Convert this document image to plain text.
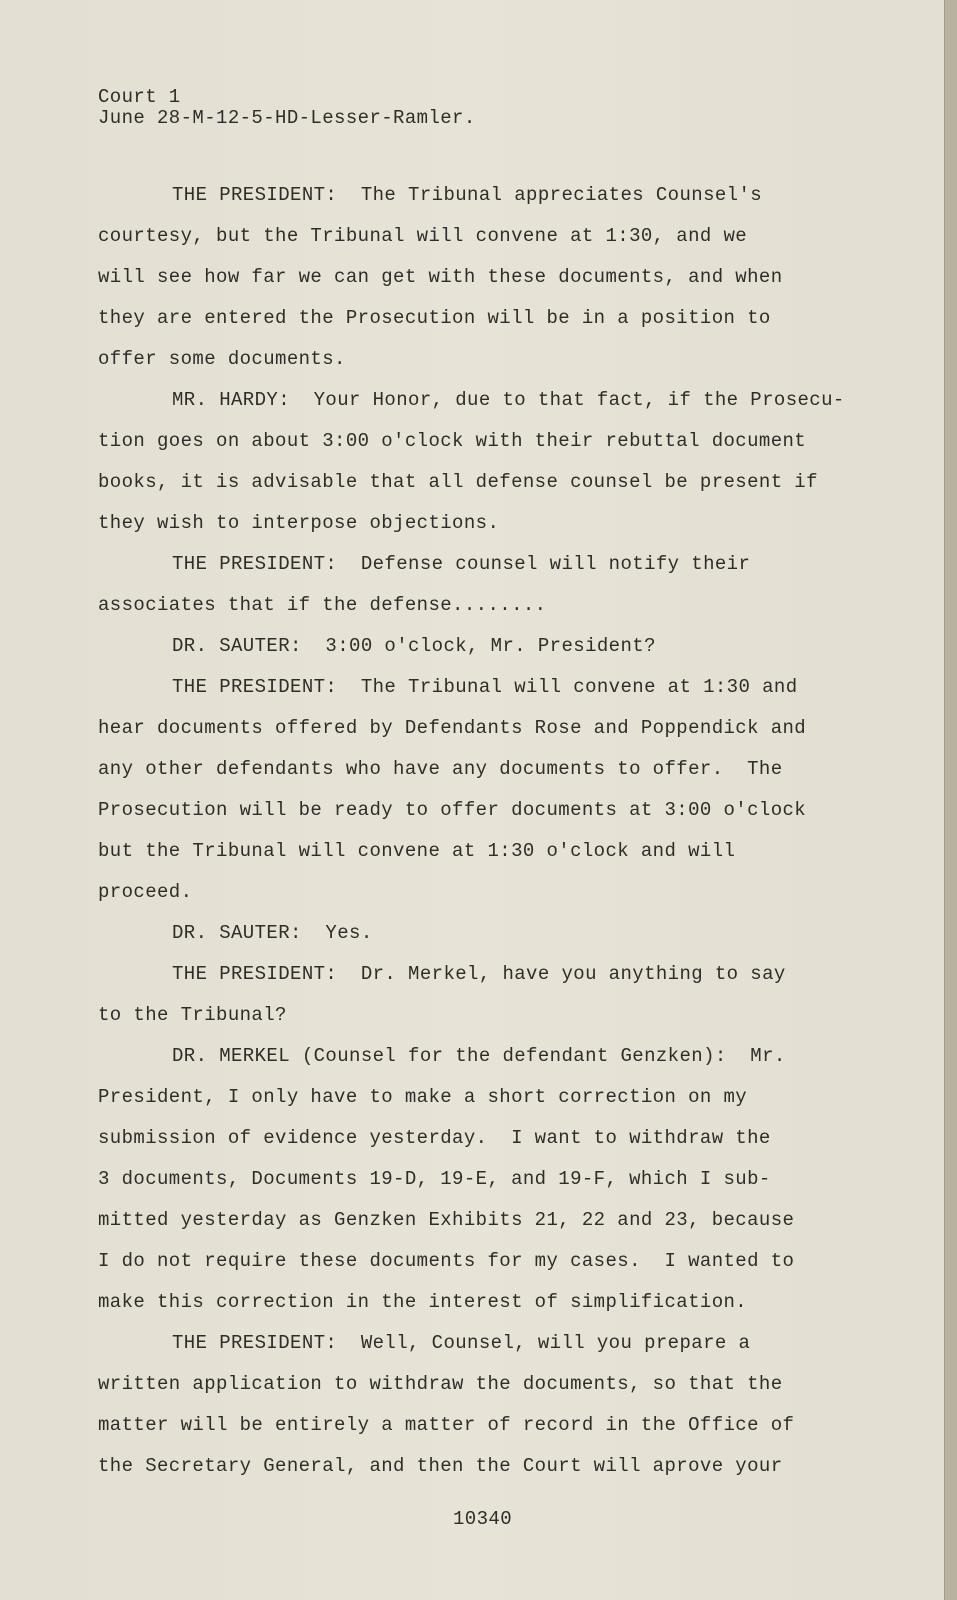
Court 1
June 28-M-12-5-HD-Lesser-Ramler.
THE PRESIDENT:  The Tribunal appreciates Counsel's
courtesy, but the Tribunal will convene at 1:30, and we
will see how far we can get with these documents, and when
they are entered the Prosecution will be in a position to
offer some documents.
MR. HARDY:  Your Honor, due to that fact, if the Prosecu-
tion goes on about 3:00 o'clock with their rebuttal document
books, it is advisable that all defense counsel be present if
they wish to interpose objections.
THE PRESIDENT:  Defense counsel will notify their
associates that if the defense........
DR. SAUTER:  3:00 o'clock, Mr. President?
THE PRESIDENT:  The Tribunal will convene at 1:30 and
hear documents offered by Defendants Rose and Poppendick and
any other defendants who have any documents to offer.  The
Prosecution will be ready to offer documents at 3:00 o'clock
but the Tribunal will convene at 1:30 o'clock and will
proceed.
DR. SAUTER:  Yes.
THE PRESIDENT:  Dr. Merkel, have you anything to say
to the Tribunal?
DR. MERKEL (Counsel for the defendant Genzken):  Mr.
President, I only have to make a short correction on my
submission of evidence yesterday.  I want to withdraw the
3 documents, Documents 19-D, 19-E, and 19-F, which I sub-
mitted yesterday as Genzken Exhibits 21, 22 and 23, because
I do not require these documents for my cases.  I wanted to
make this correction in the interest of simplification.
THE PRESIDENT:  Well, Counsel, will you prepare a
written application to withdraw the documents, so that the
matter will be entirely a matter of record in the Office of
the Secretary General, and then the Court will aprove your
10340
